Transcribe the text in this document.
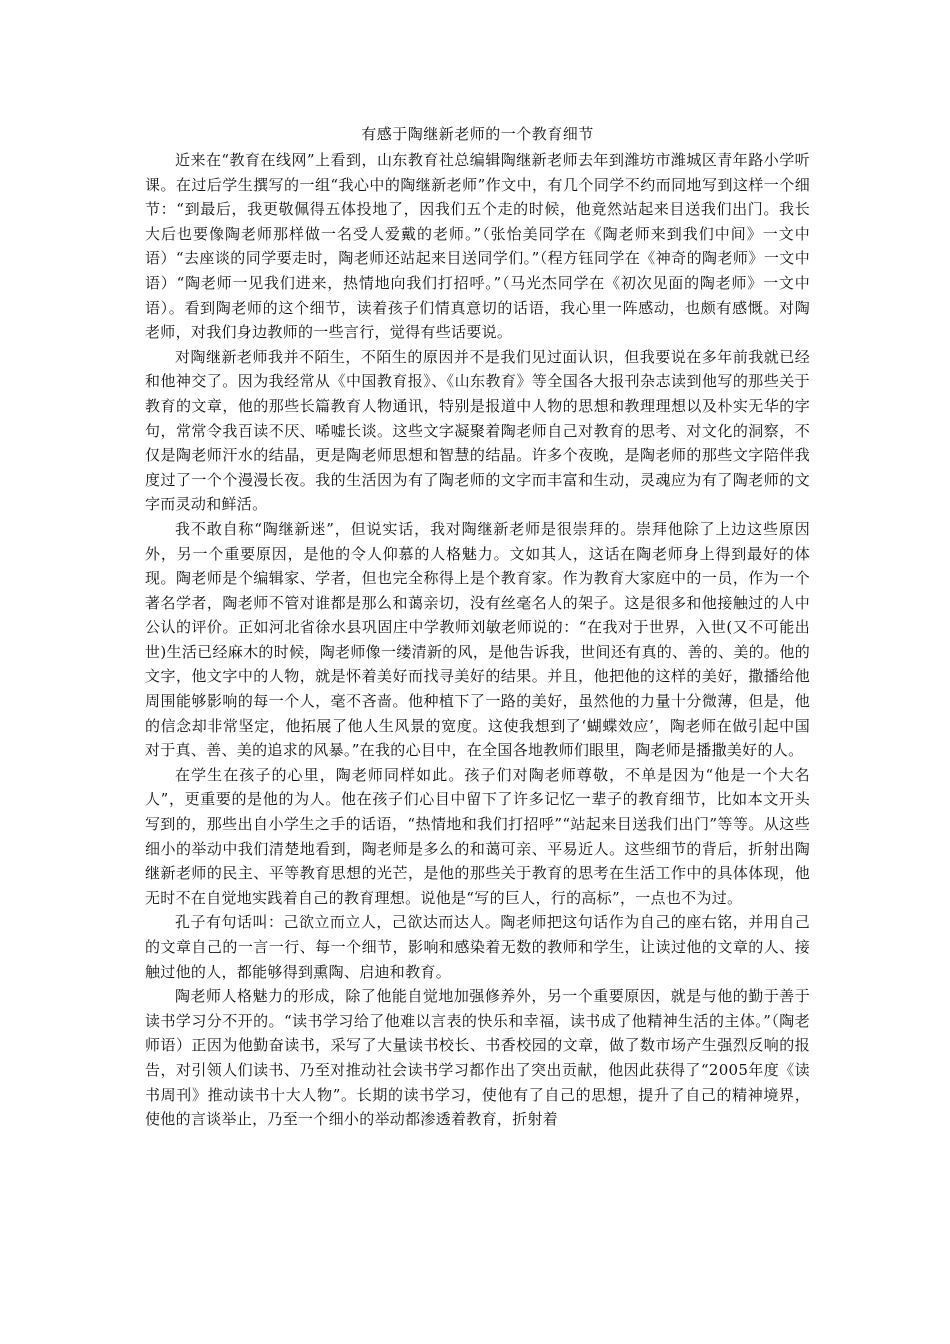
有感于陶继新老师的一个教育细节

近来在“教育在线网”上看到，山东教育社总编辑陶继新老师去年到潍坊市潍城区青年路小学听课。在过后学生撰写的一组“我心中的陶继新老师”作文中，有几个同学不约而同地写到这样一个细节：“到最后，我更敬佩得五体投地了，因我们五个走的时候，他竟然站起来目送我们出门。我长大后也要像陶老师那样做一名受人爱戴的老师。”（张怡美同学在《陶老师来到我们中间》一文中语）“去座谈的同学要走时，陶老师还站起来目送同学们。”（程方钰同学在《神奇的陶老师》一文中语）“陶老师一见我们进来，热情地向我们打招呼。”（马光杰同学在《初次见面的陶老师》一文中语）。看到陶老师的这个细节，读着孩子们情真意切的话语，我心里一阵感动，也颇有感慨。对陶老师，对我们身边教师的一些言行，觉得有些话要说。

对陶继新老师我并不陌生，不陌生的原因并不是我们见过面认识，但我要说在多年前我就已经和他神交了。因为我经常从《中国教育报》、《山东教育》等全国各大报刊杂志读到他写的那些关于教育的文章，他的那些长篇教育人物通讯，特别是报道中人物的思想和教理理想以及朴实无华的字句，常常令我百读不厌、唏嘘长谈。这些文字凝聚着陶老师自己对教育的思考、对文化的洞察，不仅是陶老师汗水的结晶，更是陶老师思想和智慧的结晶。许多个夜晚，是陶老师的那些文字陪伴我度过了一个个漫漫长夜。我的生活因为有了陶老师的文字而丰富和生动，灵魂应为有了陶老师的文字而灵动和鲜活。

我不敢自称“陶继新迷”，但说实话，我对陶继新老师是很崇拜的。崇拜他除了上边这些原因外，另一个重要原因，是他的令人仰慕的人格魅力。文如其人，这话在陶老师身上得到最好的体现。陶老师是个编辑家、学者，但也完全称得上是个教育家。作为教育大家庭中的一员，作为一个著名学者，陶老师不管对谁都是那么和蔼亲切，没有丝毫名人的架子。这是很多和他接触过的人中公认的评价。正如河北省徐水县巩固庄中学教师刘敏老师说的：“在我对于世界，入世(又不可能出世)生活已经麻木的时候，陶老师像一缕清新的风，是他告诉我，世间还有真的、善的、美的。他的文字，他文字中的人物，就是怀着美好而找寻美好的结果。并且，他把他的这样的美好，撒播给他周围能够影响的每一个人，毫不吝啬。他种植下了一路的美好，虽然他的力量十分微薄，但是，他的信念却非常坚定，他拓展了他人生风景的宽度。这使我想到了‘蝴蝶效应’，陶老师在做引起中国对于真、善、美的追求的风暴。”在我的心目中，在全国各地教师们眼里，陶老师是播撒美好的人。

在学生在孩子的心里，陶老师同样如此。孩子们对陶老师尊敬，不单是因为“他是一个大名人”，更重要的是他的为人。他在孩子们心目中留下了许多记忆一辈子的教育细节，比如本文开头写到的，那些出自小学生之手的话语，“热情地和我们打招呼”“站起来目送我们出门”等等。从这些细小的举动中我们清楚地看到，陶老师是多么的和蔼可亲、平易近人。这些细节的背后，折射出陶继新老师的民主、平等教育思想的光芒，是他的那些关于教育的思考在生活工作中的具体体现，他无时不在自觉地实践着自己的教育理想。说他是“写的巨人，行的高标”，一点也不为过。

孔子有句话叫：己欲立而立人，己欲达而达人。陶老师把这句话作为自己的座右铭，并用自己的文章自己的一言一行、每一个细节，影响和感染着无数的教师和学生，让读过他的文章的人、接触过他的人，都能够得到熏陶、启迪和教育。

陶老师人格魅力的形成，除了他能自觉地加强修养外，另一个重要原因，就是与他的勤于善于读书学习分不开的。“读书学习给了他难以言表的快乐和幸福，读书成了他精神生活的主体。”（陶老师语）正因为他勤奋读书，采写了大量读书校长、书香校园的文章，做了数市场产生强烈反响的报告，对引领人们读书、乃至对推动社会读书学习都作出了突出贡献，他因此获得了“2005年度《读书周刊》推动读书十大人物”。长期的读书学习，使他有了自己的思想，提升了自己的精神境界，使他的言谈举止，乃至一个细小的举动都渗透着教育，折射着
